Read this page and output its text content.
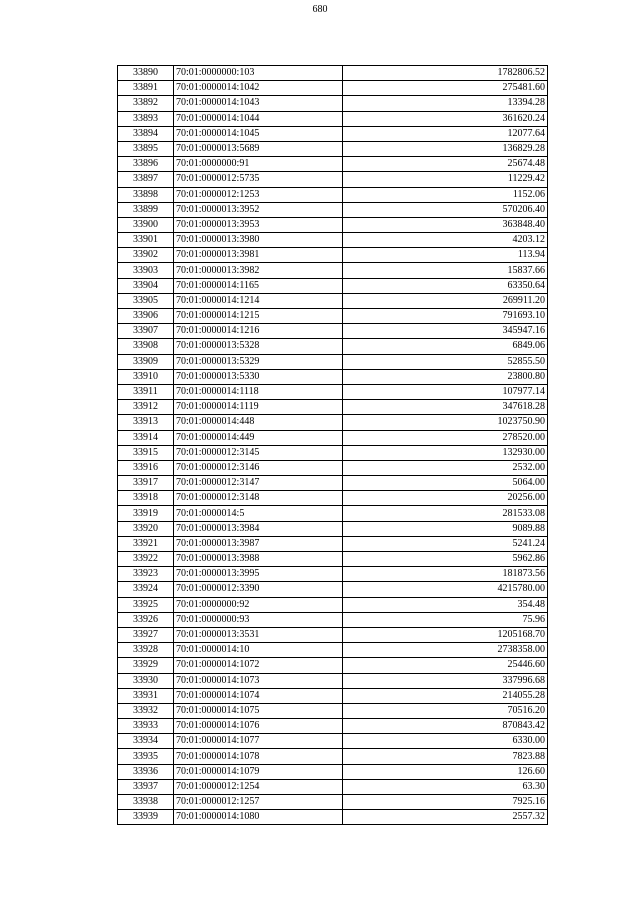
680
33890	70:01:0000000:103	1782806.52
33891	70:01:0000014:1042	275481.60
33892	70:01:0000014:1043	13394.28
33893	70:01:0000014:1044	361620.24
33894	70:01:0000014:1045	12077.64
33895	70:01:0000013:5689	136829.28
33896	70:01:0000000:91	25674.48
33897	70:01:0000012:5735	11229.42
33898	70:01:0000012:1253	1152.06
33899	70:01:0000013:3952	570206.40
33900	70:01:0000013:3953	363848.40
33901	70:01:0000013:3980	4203.12
33902	70:01:0000013:3981	113.94
33903	70:01:0000013:3982	15837.66
33904	70:01:0000014:1165	63350.64
33905	70:01:0000014:1214	269911.20
33906	70:01:0000014:1215	791693.10
33907	70:01:0000014:1216	345947.16
33908	70:01:0000013:5328	6849.06
33909	70:01:0000013:5329	52855.50
33910	70:01:0000013:5330	23800.80
33911	70:01:0000014:1118	107977.14
33912	70:01:0000014:1119	347618.28
33913	70:01:0000014:448	1023750.90
33914	70:01:0000014:449	278520.00
33915	70:01:0000012:3145	132930.00
33916	70:01:0000012:3146	2532.00
33917	70:01:0000012:3147	5064.00
33918	70:01:0000012:3148	20256.00
33919	70:01:0000014:5	281533.08
33920	70:01:0000013:3984	9089.88
33921	70:01:0000013:3987	5241.24
33922	70:01:0000013:3988	5962.86
33923	70:01:0000013:3995	181873.56
33924	70:01:0000012:3390	4215780.00
33925	70:01:0000000:92	354.48
33926	70:01:0000000:93	75.96
33927	70:01:0000013:3531	1205168.70
33928	70:01:0000014:10	2738358.00
33929	70:01:0000014:1072	25446.60
33930	70:01:0000014:1073	337996.68
33931	70:01:0000014:1074	214055.28
33932	70:01:0000014:1075	70516.20
33933	70:01:0000014:1076	870843.42
33934	70:01:0000014:1077	6330.00
33935	70:01:0000014:1078	7823.88
33936	70:01:0000014:1079	126.60
33937	70:01:0000012:1254	63.30
33938	70:01:0000012:1257	7925.16
33939	70:01:0000014:1080	2557.32
